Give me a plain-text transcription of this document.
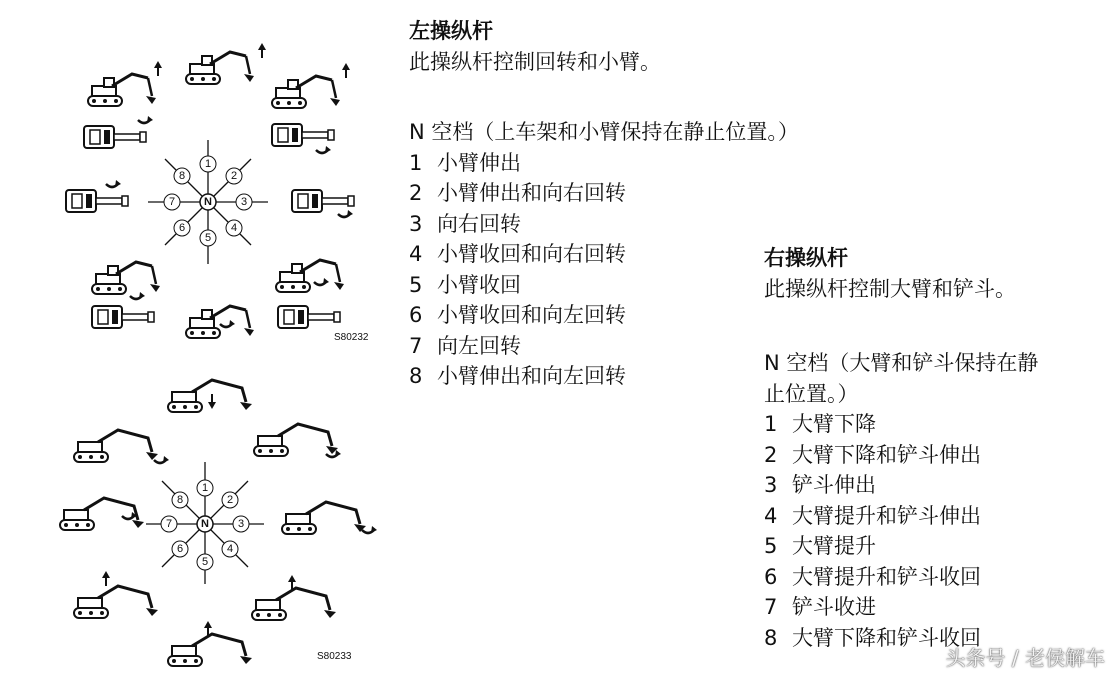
N
1
2
3
4
5
6
7
8
S80232
N
1
2
3
4
5
6
7
8
S80233
左操纵杆
此操纵杆控制回转和小臂。
N 空档（上车架和小臂保持在静止位置。）
1 小臂伸出
2 小臂伸出和向右回转
3 向右回转
4 小臂收回和向右回转
5 小臂收回
6 小臂收回和向左回转
7 向左回转
8 小臂伸出和向左回转
右操纵杆
此操纵杆控制大臂和铲斗。
N 空档（大臂和铲斗保持在静
止位置。）
1 大臂下降
2 大臂下降和铲斗伸出
3 铲斗伸出
4 大臂提升和铲斗伸出
5 大臂提升
6 大臂提升和铲斗收回
7 铲斗收进
8 大臂下降和铲斗收回
头条号 / 老侯解车
